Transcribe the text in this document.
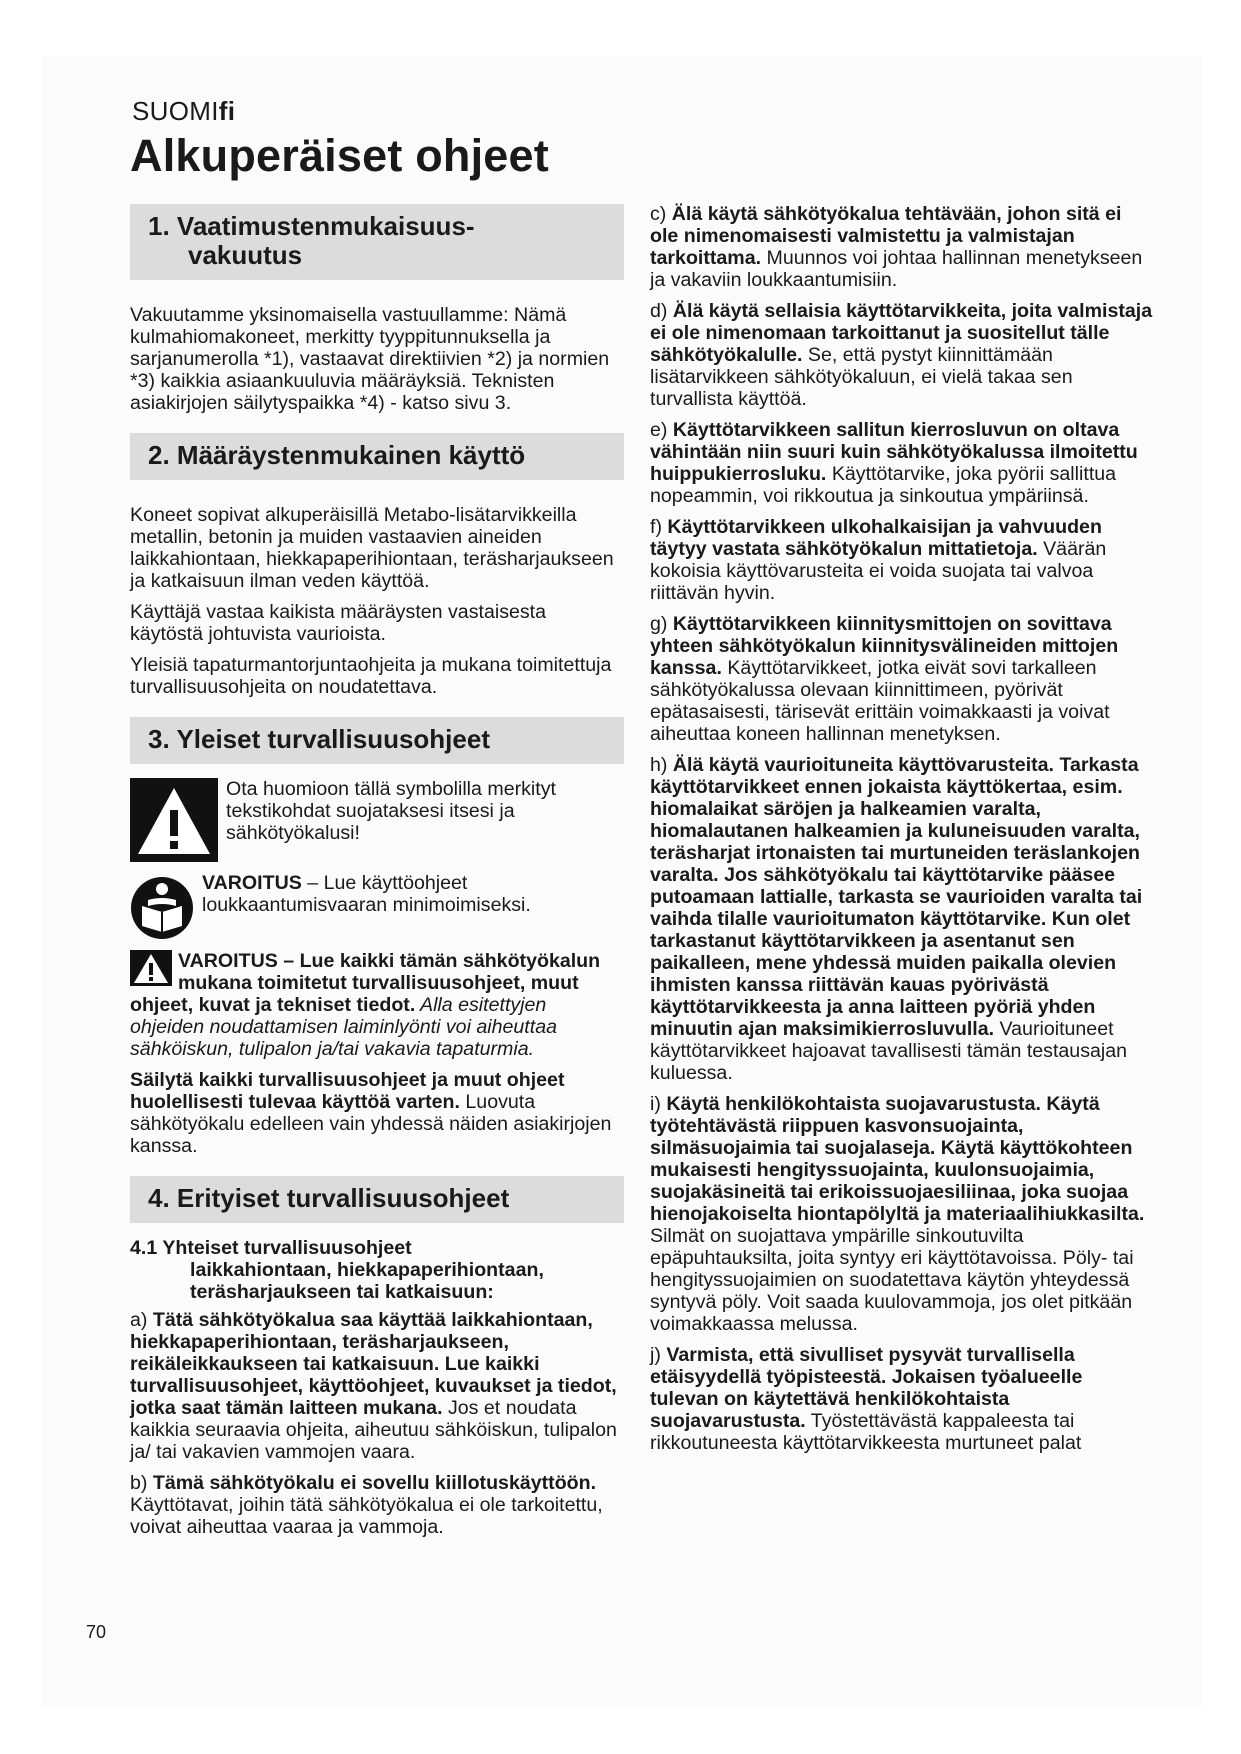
SUOMIfi
Alkuperäiset ohjeet
1. Vaatimustenmukaisuus-
vakuutus

Vakuutamme yksinomaisella vastuullamme: Nämä kulmahiomakoneet, merkitty tyyppitunnuksella ja sarjanumerolla *1), vastaavat direktiivien *2) ja normien *3) kaikkia asiaankuuluvia määräyksiä. Teknisten asiakirjojen säilytyspaikka *4) - katso sivu 3.

2. Määräystenmukainen käyttö

Koneet sopivat alkuperäisillä Metabo-lisätarvikkeilla metallin, betonin ja muiden vastaavien aineiden laikkahiontaan, hiekkapaperihiontaan, teräsharjaukseen ja katkaisuun ilman veden käyttöä.

Käyttäjä vastaa kaikista määräysten vastaisesta käytöstä johtuvista vaurioista.

Yleisiä tapaturmantorjuntaohjeita ja mukana toimitettuja turvallisuusohjeita on noudatettava.

3. Yleiset turvallisuusohjeet
Ota huomioon tällä symbolilla merkityt tekstikohdat suojataksesi itsesi ja sähkötyökalusi!
VAROITUS – Lue käyttöohjeet loukkaantumisvaaran minimoimiseksi.
VAROITUS – Lue kaikki tämän sähkötyökalun mukana toimitetut turvallisuusohjeet, muut ohjeet, kuvat ja tekniset tiedot. Alla esitettyjen ohjeiden noudattamisen laiminlyönti voi aiheuttaa sähköiskun, tulipalon ja/tai vakavia tapaturmia.

Säilytä kaikki turvallisuusohjeet ja muut ohjeet huolellisesti tulevaa käyttöä varten. Luovuta sähkötyökalu edelleen vain yhdessä näiden asiakirjojen kanssa.

4. Erityiset turvallisuusohjeet
4.1 Yhteiset turvallisuusohjeet
laikkahiontaan, hiekkapaperihiontaan, teräsharjaukseen tai katkaisuun:

a) Tätä sähkötyökalua saa käyttää laikkahiontaan, hiekkapaperihiontaan, teräsharjaukseen, reikäleikkaukseen tai katkaisuun. Lue kaikki turvallisuusohjeet, käyttöohjeet, kuvaukset ja tiedot, jotka saat tämän laitteen mukana. Jos et noudata kaikkia seuraavia ohjeita, aiheutuu sähköiskun, tulipalon ja/ tai vakavien vammojen vaara.

b) Tämä sähkötyökalu ei sovellu kiillotuskäyttöön. Käyttötavat, joihin tätä sähkötyökalua ei ole tarkoitettu, voivat aiheuttaa vaaraa ja vammoja.

c) Älä käytä sähkötyökalua tehtävään, johon sitä ei ole nimenomaisesti valmistettu ja valmistajan tarkoittama. Muunnos voi johtaa hallinnan menetykseen ja vakaviin loukkaantumisiin.

d) Älä käytä sellaisia käyttötarvikkeita, joita valmistaja ei ole nimenomaan tarkoittanut ja suositellut tälle sähkötyökalulle. Se, että pystyt kiinnittämään lisätarvikkeen sähkötyökaluun, ei vielä takaa sen turvallista käyttöä.

e) Käyttötarvikkeen sallitun kierrosluvun on oltava vähintään niin suuri kuin sähkötyökalussa ilmoitettu huippukierrosluku. Käyttötarvike, joka pyörii sallittua nopeammin, voi rikkoutua ja sinkoutua ympäriinsä.

f) Käyttötarvikkeen ulkohalkaisijan ja vahvuuden täytyy vastata sähkötyökalun mittatietoja. Väärän kokoisia käyttövarusteita ei voida suojata tai valvoa riittävän hyvin.

g) Käyttötarvikkeen kiinnitysmittojen on sovittava yhteen sähkötyökalun kiinnitysvälineiden mittojen kanssa. Käyttötarvikkeet, jotka eivät sovi tarkalleen sähkötyökalussa olevaan kiinnittimeen, pyörivät epätasaisesti, tärisevät erittäin voimakkaasti ja voivat aiheuttaa koneen hallinnan menetyksen.

h) Älä käytä vaurioituneita käyttövarusteita. Tarkasta käyttötarvikkeet ennen jokaista käyttökertaa, esim. hiomalaikat säröjen ja halkeamien varalta, hiomalautanen halkeamien ja kuluneisuuden varalta, teräsharjat irtonaisten tai murtuneiden teräslankojen varalta. Jos sähkötyökalu tai käyttötarvike pääsee putoamaan lattialle, tarkasta se vaurioiden varalta tai vaihda tilalle vaurioitumaton käyttötarvike. Kun olet tarkastanut käyttötarvikkeen ja asentanut sen paikalleen, mene yhdessä muiden paikalla olevien ihmisten kanssa riittävän kauas pyörivästä käyttötarvikkeesta ja anna laitteen pyöriä yhden minuutin ajan maksimikierrosluvulla. Vaurioituneet käyttötarvikkeet hajoavat tavallisesti tämän testausajan kuluessa.

i) Käytä henkilökohtaista suojavarustusta. Käytä työtehtävästä riippuen kasvonsuojainta, silmäsuojaimia tai suojalaseja. Käytä käyttökohteen mukaisesti hengityssuojainta, kuulonsuojaimia, suojakäsineitä tai erikoissuojaesiliinaa, joka suojaa hienojakoiselta hiontapölyltä ja materiaalihiukkasilta. Silmät on suojattava ympärille sinkoutuvilta epäpuhtauksilta, joita syntyy eri käyttötavoissa. Pöly- tai hengityssuojaimien on suodatettava käytön yhteydessä syntyvä pöly. Voit saada kuulovammoja, jos olet pitkään voimakkaassa melussa.

j) Varmista, että sivulliset pysyvät turvallisella etäisyydellä työpisteestä. Jokaisen työalueelle tulevan on käytettävä henkilökohtaista suojavarustusta. Työstettävästä kappaleesta tai rikkoutuneesta käyttötarvikkeesta murtuneet palat

70
